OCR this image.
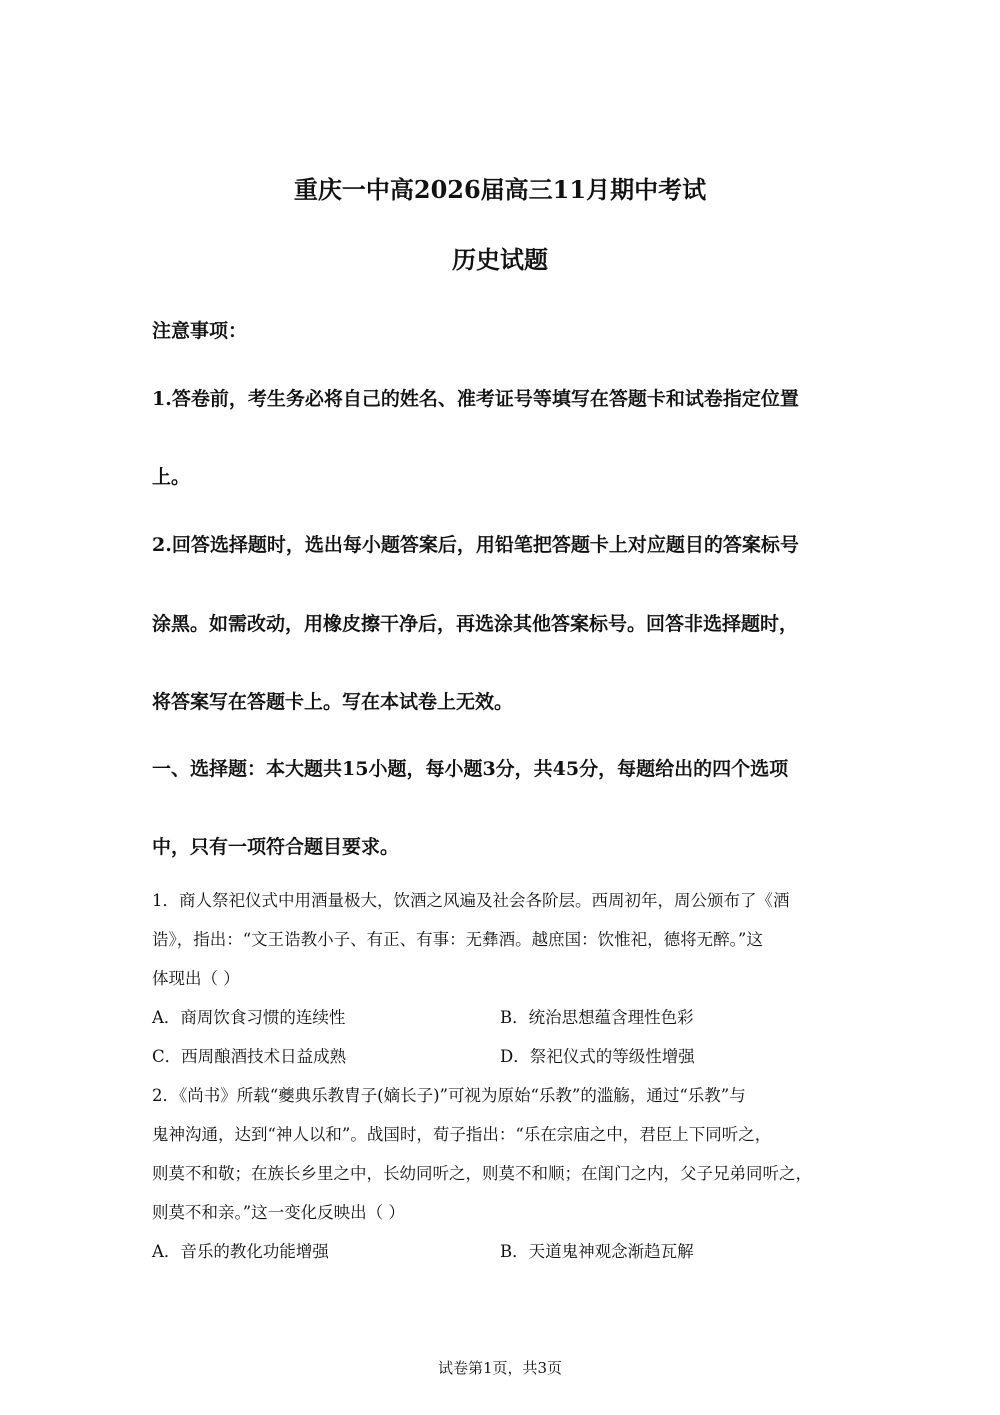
重庆一中高2026届高三11月期中考试
历史试题
注意事项：
1.答卷前，考生务必将自己的姓名、准考证号等填写在答题卡和试卷指定位置
上。
2.回答选择题时，选出每小题答案后，用铅笔把答题卡上对应题目的答案标号
涂黑。如需改动，用橡皮擦干净后，再选涂其他答案标号。回答非选择题时，
将答案写在答题卡上。写在本试卷上无效。
一、选择题：本大题共15小题，每小题3分，共45分，每题给出的四个选项
中，只有一项符合题目要求。
1．商人祭祀仪式中用酒量极大，饮酒之风遍及社会各阶层。西周初年，周公颁布了《酒
诰》，指出：“文王诰教小子、有正、有事：无彝酒。越庶国：饮惟祀，德将无醉。”这
体现出（ ）
A．商周饮食习惯的连续性	B．统治思想蕴含理性色彩
C．西周酿酒技术日益成熟	D．祭祀仪式的等级性增强
2．《尚书》所载“夔典乐教胄子(嫡长子)”可视为原始“乐教”的滥觞，通过“乐教”与
鬼神沟通，达到“神人以和”。战国时，荀子指出：“乐在宗庙之中，君臣上下同听之，
则莫不和敬；在族长乡里之中，长幼同听之，则莫不和顺；在闺门之内，父子兄弟同听之，
则莫不和亲。”这一变化反映出（ ）
A．音乐的教化功能增强	B．天道鬼神观念渐趋瓦解
试卷第1页，共3页
